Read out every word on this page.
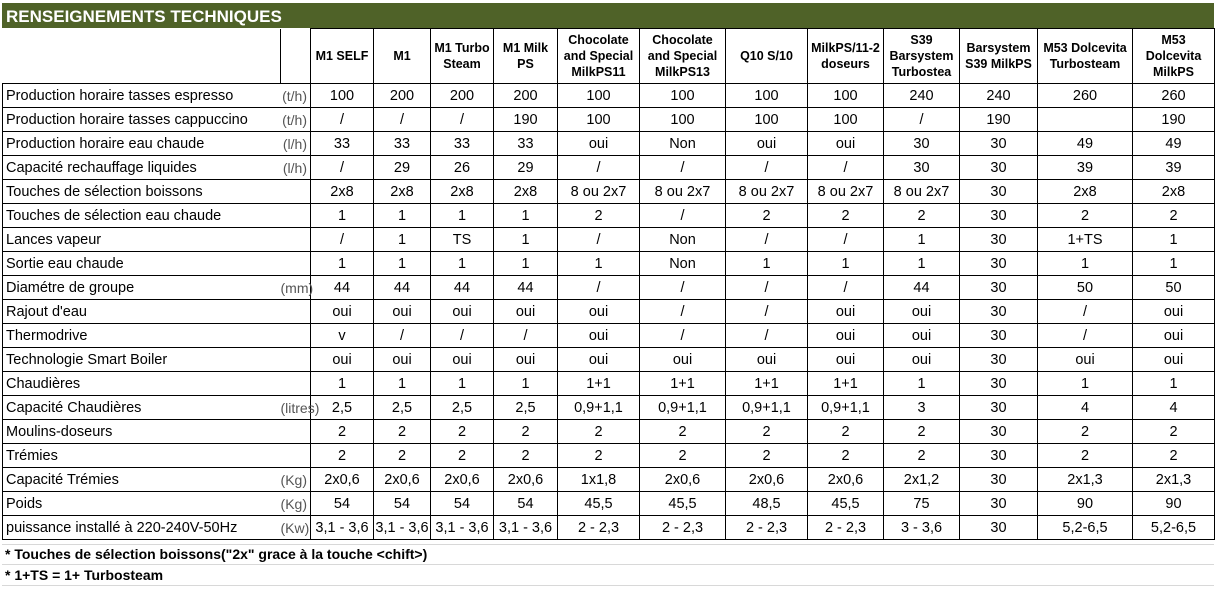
RENSEIGNEMENTS TECHNIQUES
		M1 SELF	M1	M1 Turbo Steam	M1 Milk PS	Chocolate and Special MilkPS11	Chocolate and Special MilkPS13	Q10 S/10	MilkPS/11-2 doseurs	S39 Barsystem Turbostea	Barsystem S39 MilkPS	M53 Dolcevita Turbosteam	M53 Dolcevita MilkPS
Production horaire tasses espresso	(t/h)	100	200	200	200	100	100	100	100	240	240	260	260
Production horaire tasses cappuccino	(t/h)	/	/	/	190	100	100	100	100	/	190		190
Production horaire eau chaude	(l/h)	33	33	33	33	oui	Non	oui	oui	30	30	49	49
Capacité rechauffage liquides	(l/h)	/	29	26	29	/	/	/	/	30	30	39	39
Touches de sélection boissons		2x8	2x8	2x8	2x8	8 ou 2x7	8 ou 2x7	8 ou 2x7	8 ou 2x7	8 ou 2x7	30	2x8	2x8
Touches de sélection eau chaude		1	1	1	1	2	/	2	2	2	30	2	2
Lances vapeur		/	1	TS	1	/	Non	/	/	1	30	1+TS	1
Sortie eau chaude		1	1	1	1	1	Non	1	1	1	30	1	1
Diamétre de groupe	(mm)	44	44	44	44	/	/	/	/	44	30	50	50
Rajout d'eau		oui	oui	oui	oui	oui	/	/	oui	oui	30	/	oui
Thermodrive		v	/	/	/	oui	/	/	oui	oui	30	/	oui
Technologie Smart Boiler		oui	oui	oui	oui	oui	oui	oui	oui	oui	30	oui	oui
Chaudières		1	1	1	1	1+1	1+1	1+1	1+1	1	30	1	1
Capacité Chaudières	(litres)	2,5	2,5	2,5	2,5	0,9+1,1	0,9+1,1	0,9+1,1	0,9+1,1	3	30	4	4
Moulins-doseurs		2	2	2	2	2	2	2	2	2	30	2	2
Trémies		2	2	2	2	2	2	2	2	2	30	2	2
Capacité Trémies	(Kg)	2x0,6	2x0,6	2x0,6	2x0,6	1x1,8	2x0,6	2x0,6	2x0,6	2x1,2	30	2x1,3	2x1,3
Poids	(Kg)	54	54	54	54	45,5	45,5	48,5	45,5	75	30	90	90
puissance installé à 220-240V-50Hz	(Kw)	3,1 - 3,6	3,1 - 3,6	3,1 - 3,6	3,1 - 3,6	2 - 2,3	2 - 2,3	2 - 2,3	2 - 2,3	3 - 3,6	30	5,2-6,5	5,2-6,5
* Touches de sélection boissons("2x" grace à la touche <chift>)
* 1+TS = 1+ Turbosteam
